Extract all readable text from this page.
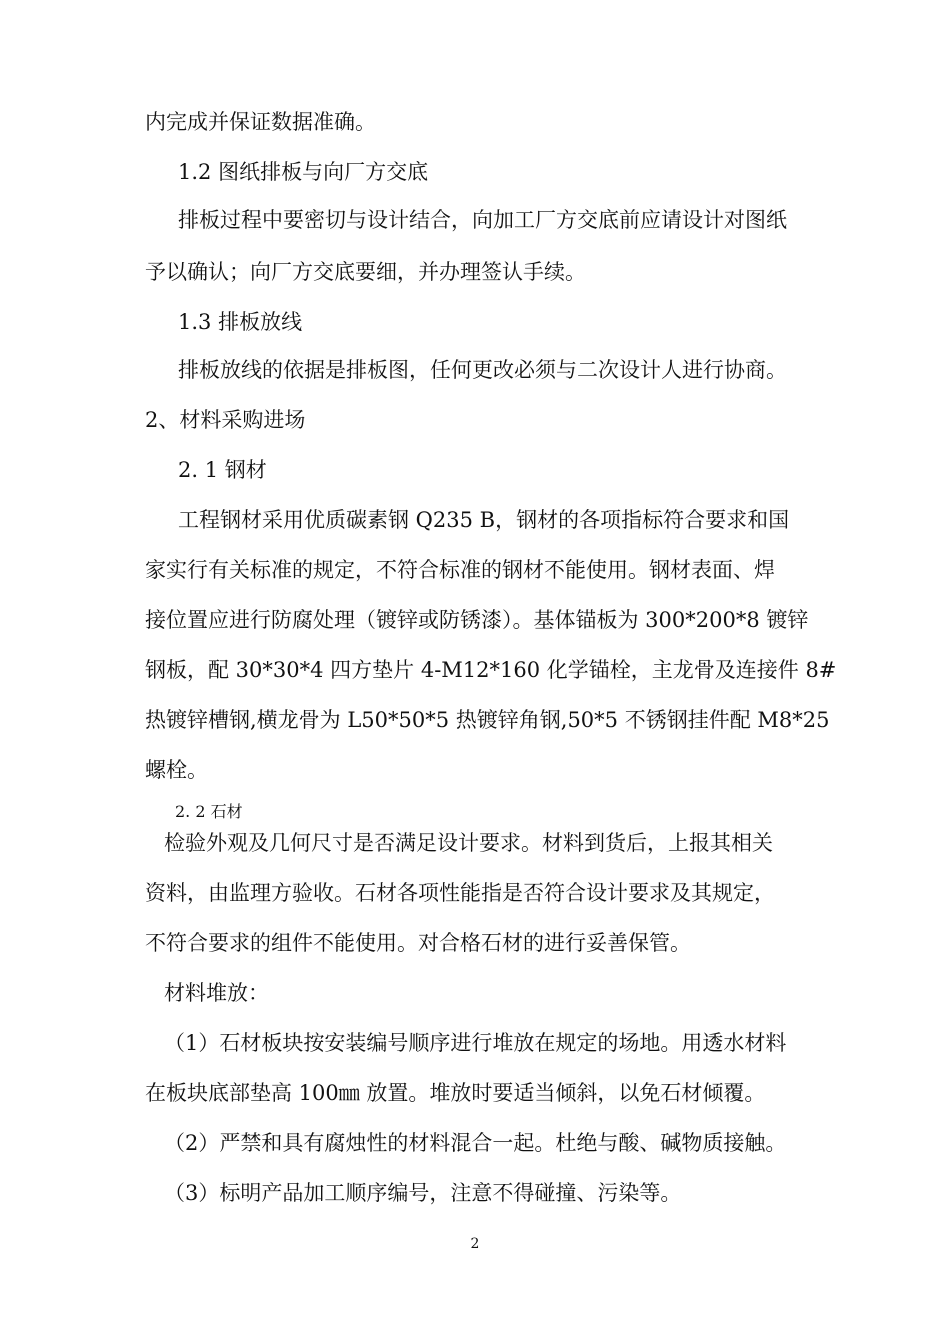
内完成并保证数据准确。
1.2 图纸排板与向厂方交底
排板过程中要密切与设计结合，向加工厂方交底前应请设计对图纸
予以确认；向厂方交底要细，并办理签认手续。
1.3 排板放线
排板放线的依据是排板图，任何更改必须与二次设计人进行协商。
2、材料采购进场
2. 1 钢材
工程钢材采用优质碳素钢 Q235 B，钢材的各项指标符合要求和国
家实行有关标准的规定，不符合标准的钢材不能使用。钢材表面、焊
接位置应进行防腐处理（镀锌或防锈漆）。基体锚板为 300*200*8 镀锌
钢板，配 30*30*4 四方垫片 4-M12*160 化学锚栓，主龙骨及连接件 8#
热镀锌槽钢,横龙骨为 L50*50*5 热镀锌角钢,50*5 不锈钢挂件配 M8*25
螺栓。
2. 2 石材
检验外观及几何尺寸是否满足设计要求。材料到货后，上报其相关
资料，由监理方验收。石材各项性能指是否符合设计要求及其规定，
不符合要求的组件不能使用。对合格石材的进行妥善保管。
材料堆放：
（1）石材板块按安装编号顺序进行堆放在规定的场地。用透水材料
在板块底部垫高 100㎜ 放置。堆放时要适当倾斜，以免石材倾覆。
（2）严禁和具有腐烛性的材料混合一起。杜绝与酸、碱物质接触。
（3）标明产品加工顺序编号，注意不得碰撞、污染等。
2
